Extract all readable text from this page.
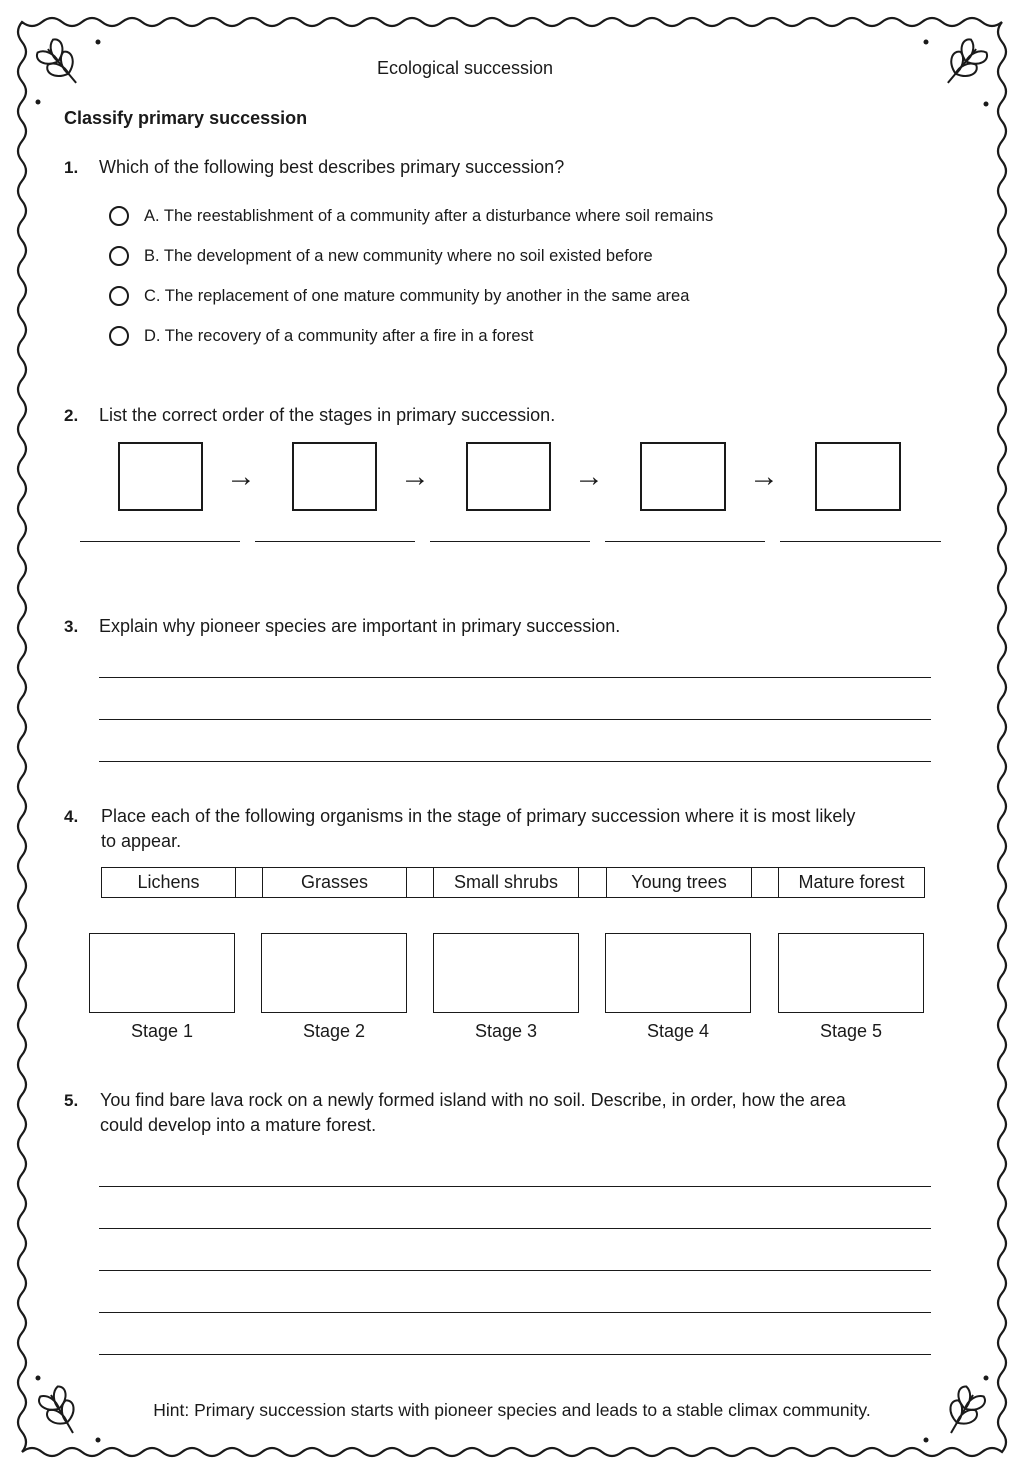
Ecological succession
Classify primary succession
1. Which of the following best describes primary succession?
A. The reestablishment of a community after a disturbance where soil remains
B. The development of a new community where no soil existed before
C. The replacement of one mature community by another in the same area
D. The recovery of a community after a fire in a forest
2. List the correct order of the stages in primary succession.
→	→	→	→
3. Explain why pioneer species are important in primary succession.
4. Place each of the following organisms in the stage of primary succession where it is most likely
to appear.
Lichens	Grasses	Small shrubs	Young trees	Mature forest
Stage 1	Stage 2	Stage 3	Stage 4	Stage 5
5. You find bare lava rock on a newly formed island with no soil. Describe, in order, how the area
could develop into a mature forest.
Hint: Primary succession starts with pioneer species and leads to a stable climax community.
